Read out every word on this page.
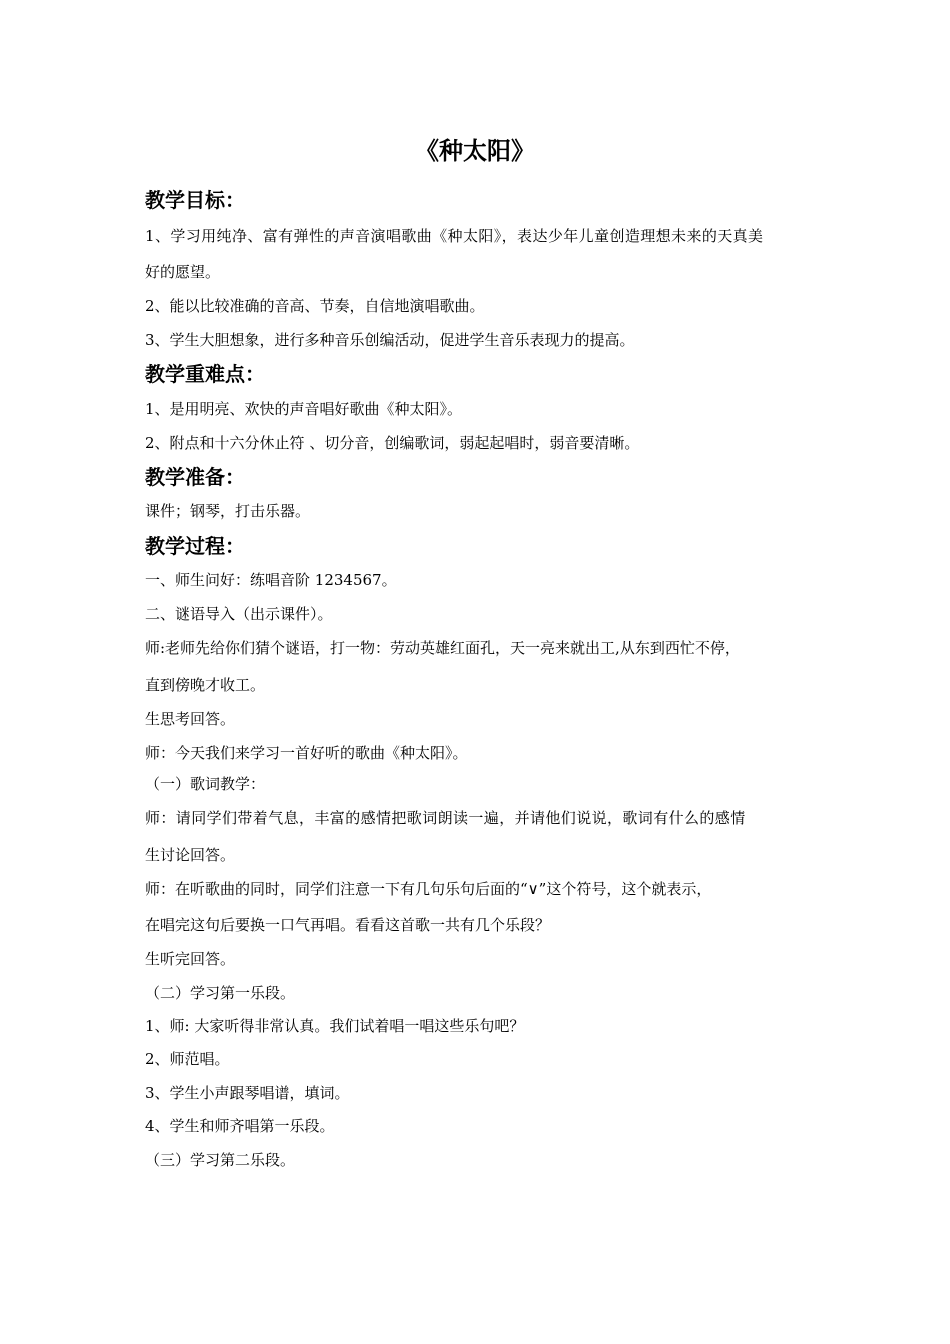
《种太阳》
教学目标：
1、学习用纯净、富有弹性的声音演唱歌曲《种太阳》，表达少年儿童创造理想未来的天真美
好的愿望。
2、能以比较准确的音高、节奏，自信地演唱歌曲。
3、学生大胆想象，进行多种音乐创编活动，促进学生音乐表现力的提高。
教学重难点：
1、是用明亮、欢快的声音唱好歌曲《种太阳》。
2、附点和十六分休止符 、切分音，创编歌词，弱起起唱时，弱音要清晰。
教学准备：
课件；钢琴，打击乐器。
教学过程：
一、师生问好：练唱音阶 1234567。
二、谜语导入（出示课件）。
师:老师先给你们猜个谜语，打一物：劳动英雄红面孔，天一亮来就出工,从东到西忙不停，
直到傍晚才收工。
生思考回答。
师：今天我们来学习一首好听的歌曲《种太阳》。
（一）歌词教学：
师：请同学们带着气息，丰富的感情把歌词朗读一遍，并请他们说说，歌词有什么的感情
生讨论回答。
师：在听歌曲的同时，同学们注意一下有几句乐句后面的“∨”这个符号，这个就表示，
在唱完这句后要换一口气再唱。看看这首歌一共有几个乐段？
生听完回答。
（二）学习第一乐段。
1、师: 大家听得非常认真。我们试着唱一唱这些乐句吧？
2、师范唱。
3、学生小声跟琴唱谱，填词。
4、学生和师齐唱第一乐段。
（三）学习第二乐段。
